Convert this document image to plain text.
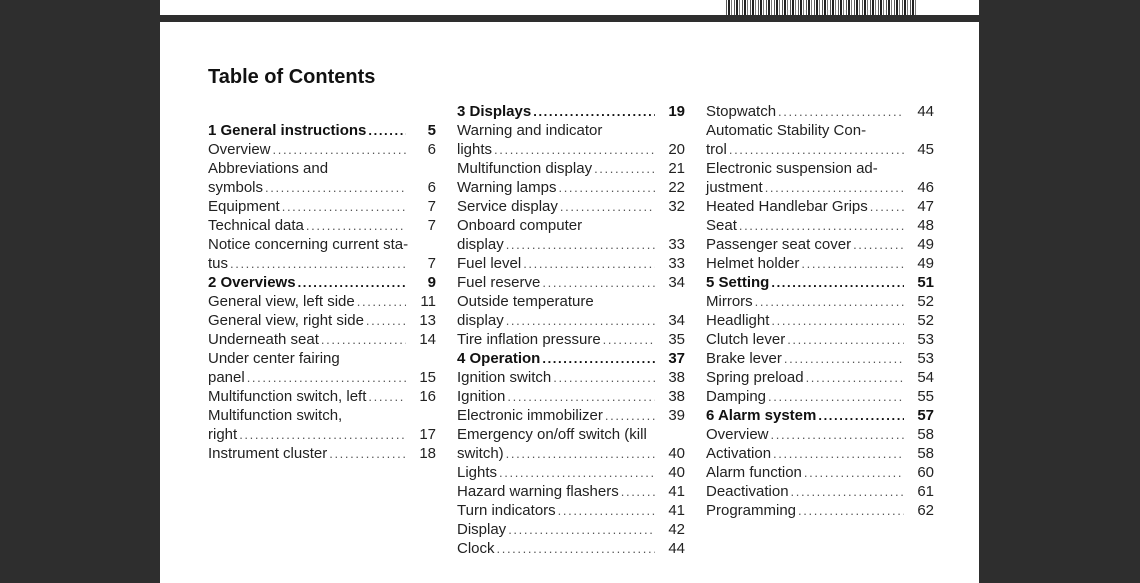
Table of Contents
1 General instructions . . .	5
Overview . . .	6
Abbreviations and
symbols . . .	6
Equipment . . .	7
Technical data . . .	7
Notice concerning current sta-
tus . . .	7
2 Overviews . . .	9
General view, left side . . .	11
General view, right side . . .	13
Underneath seat . . .	14
Under center fairing
panel . . .	15
Multifunction switch, left . . .	16
Multifunction switch,
right . . .	17
Instrument cluster . . .	18
3 Displays . . .	19
Warning and indicator
lights . . .	20
Multifunction display . . .	21
Warning lamps . . .	22
Service display . . .	32
Onboard computer
display . . .	33
Fuel level . . .	33
Fuel reserve . . .	34
Outside temperature
display . . .	34
Tire inflation pressure . . .	35
4 Operation . . .	37
Ignition switch . . .	38
Ignition . . .	38
Electronic immobilizer . . .	39
Emergency on/off switch (kill
switch) . . .	40
Lights . . .	40
Hazard warning flashers . . .	41
Turn indicators . . .	41
Display . . .	42
Clock . . .	44
Stopwatch . . .	44
Automatic Stability Con-
trol . . .	45
Electronic suspension ad-
justment . . .	46
Heated Handlebar Grips . . .	47
Seat . . .	48
Passenger seat cover . . .	49
Helmet holder . . .	49
5 Setting . . .	51
Mirrors . . .	52
Headlight . . .	52
Clutch lever . . .	53
Brake lever . . .	53
Spring preload . . .	54
Damping . . .	55
6 Alarm system . . .	57
Overview . . .	58
Activation . . .	58
Alarm function . . .	60
Deactivation . . .	61
Programming . . .	62
